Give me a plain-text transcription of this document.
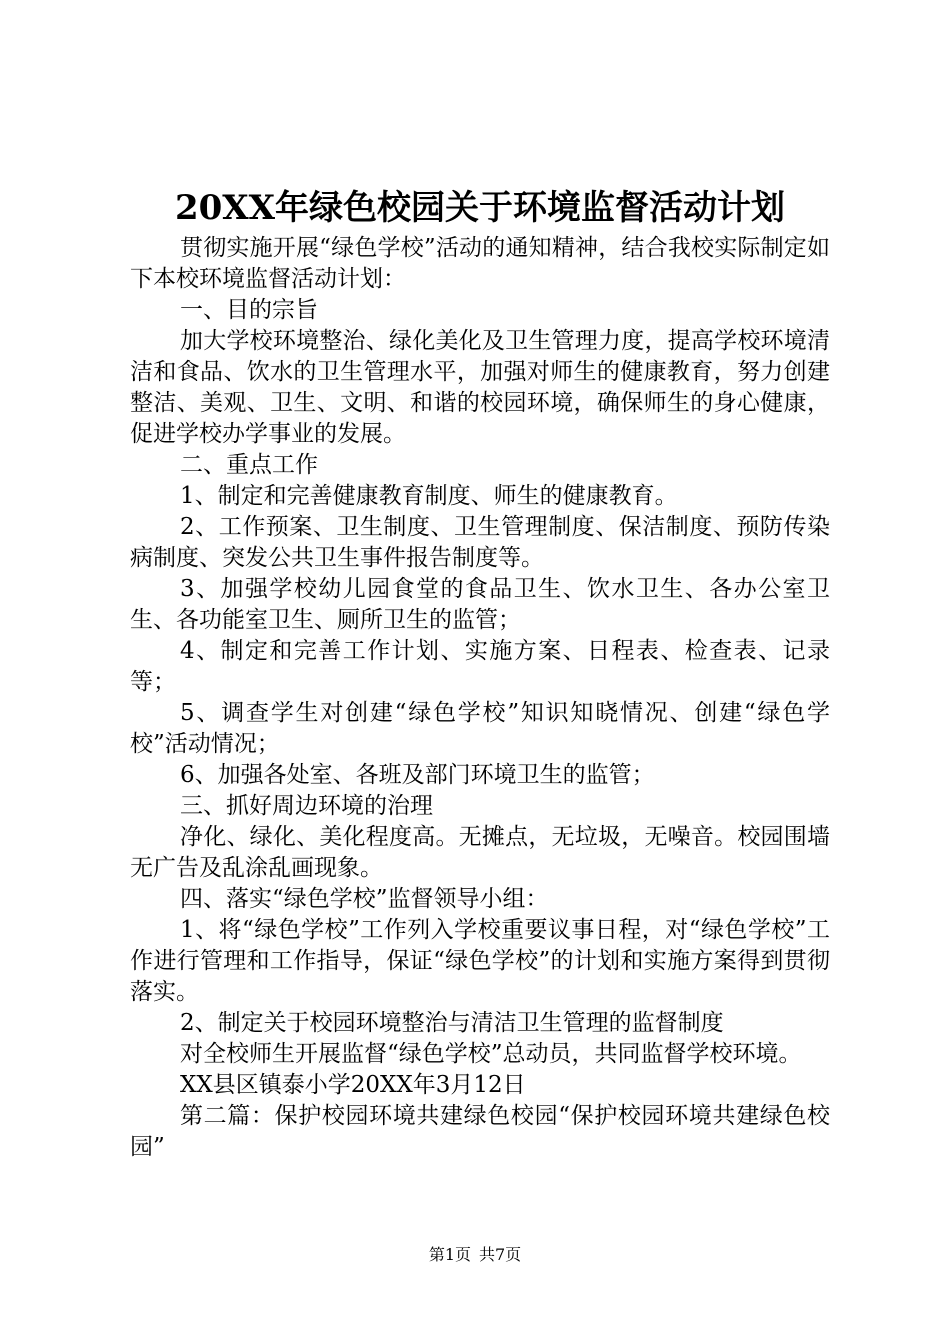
20XX年绿色校园关于环境监督活动计划

贯彻实施开展“绿色学校”活动的通知精神，结合我校实际制定如下本校环境监督活动计划：

一、目的宗旨

加大学校环境整治、绿化美化及卫生管理力度，提高学校环境清洁和食品、饮水的卫生管理水平，加强对师生的健康教育，努力创建整洁、美观、卫生、文明、和谐的校园环境，确保师生的身心健康，促进学校办学事业的发展。

二、重点工作

1、制定和完善健康教育制度、师生的健康教育。

2、工作预案、卫生制度、卫生管理制度、保洁制度、预防传染病制度、突发公共卫生事件报告制度等。

3、加强学校幼儿园食堂的食品卫生、饮水卫生、各办公室卫生、各功能室卫生、厕所卫生的监管；

4、制定和完善工作计划、实施方案、日程表、检查表、记录等；

5、调查学生对创建“绿色学校”知识知晓情况、创建“绿色学校”活动情况；

6、加强各处室、各班及部门环境卫生的监管；

三、抓好周边环境的治理

净化、绿化、美化程度高。无摊点，无垃圾，无噪音。校园围墙无广告及乱涂乱画现象。

四、落实“绿色学校”监督领导小组：

1、将“绿色学校”工作列入学校重要议事日程，对“绿色学校”工作进行管理和工作指导，保证“绿色学校”的计划和实施方案得到贯彻落实。

2、制定关于校园环境整治与清洁卫生管理的监督制度

对全校师生开展监督“绿色学校”总动员，共同监督学校环境。

XX县区镇泰小学20XX年3月12日

第二篇：保护校园环境共建绿色校园“保护校园环境共建绿色校园”

第1页 共7页
